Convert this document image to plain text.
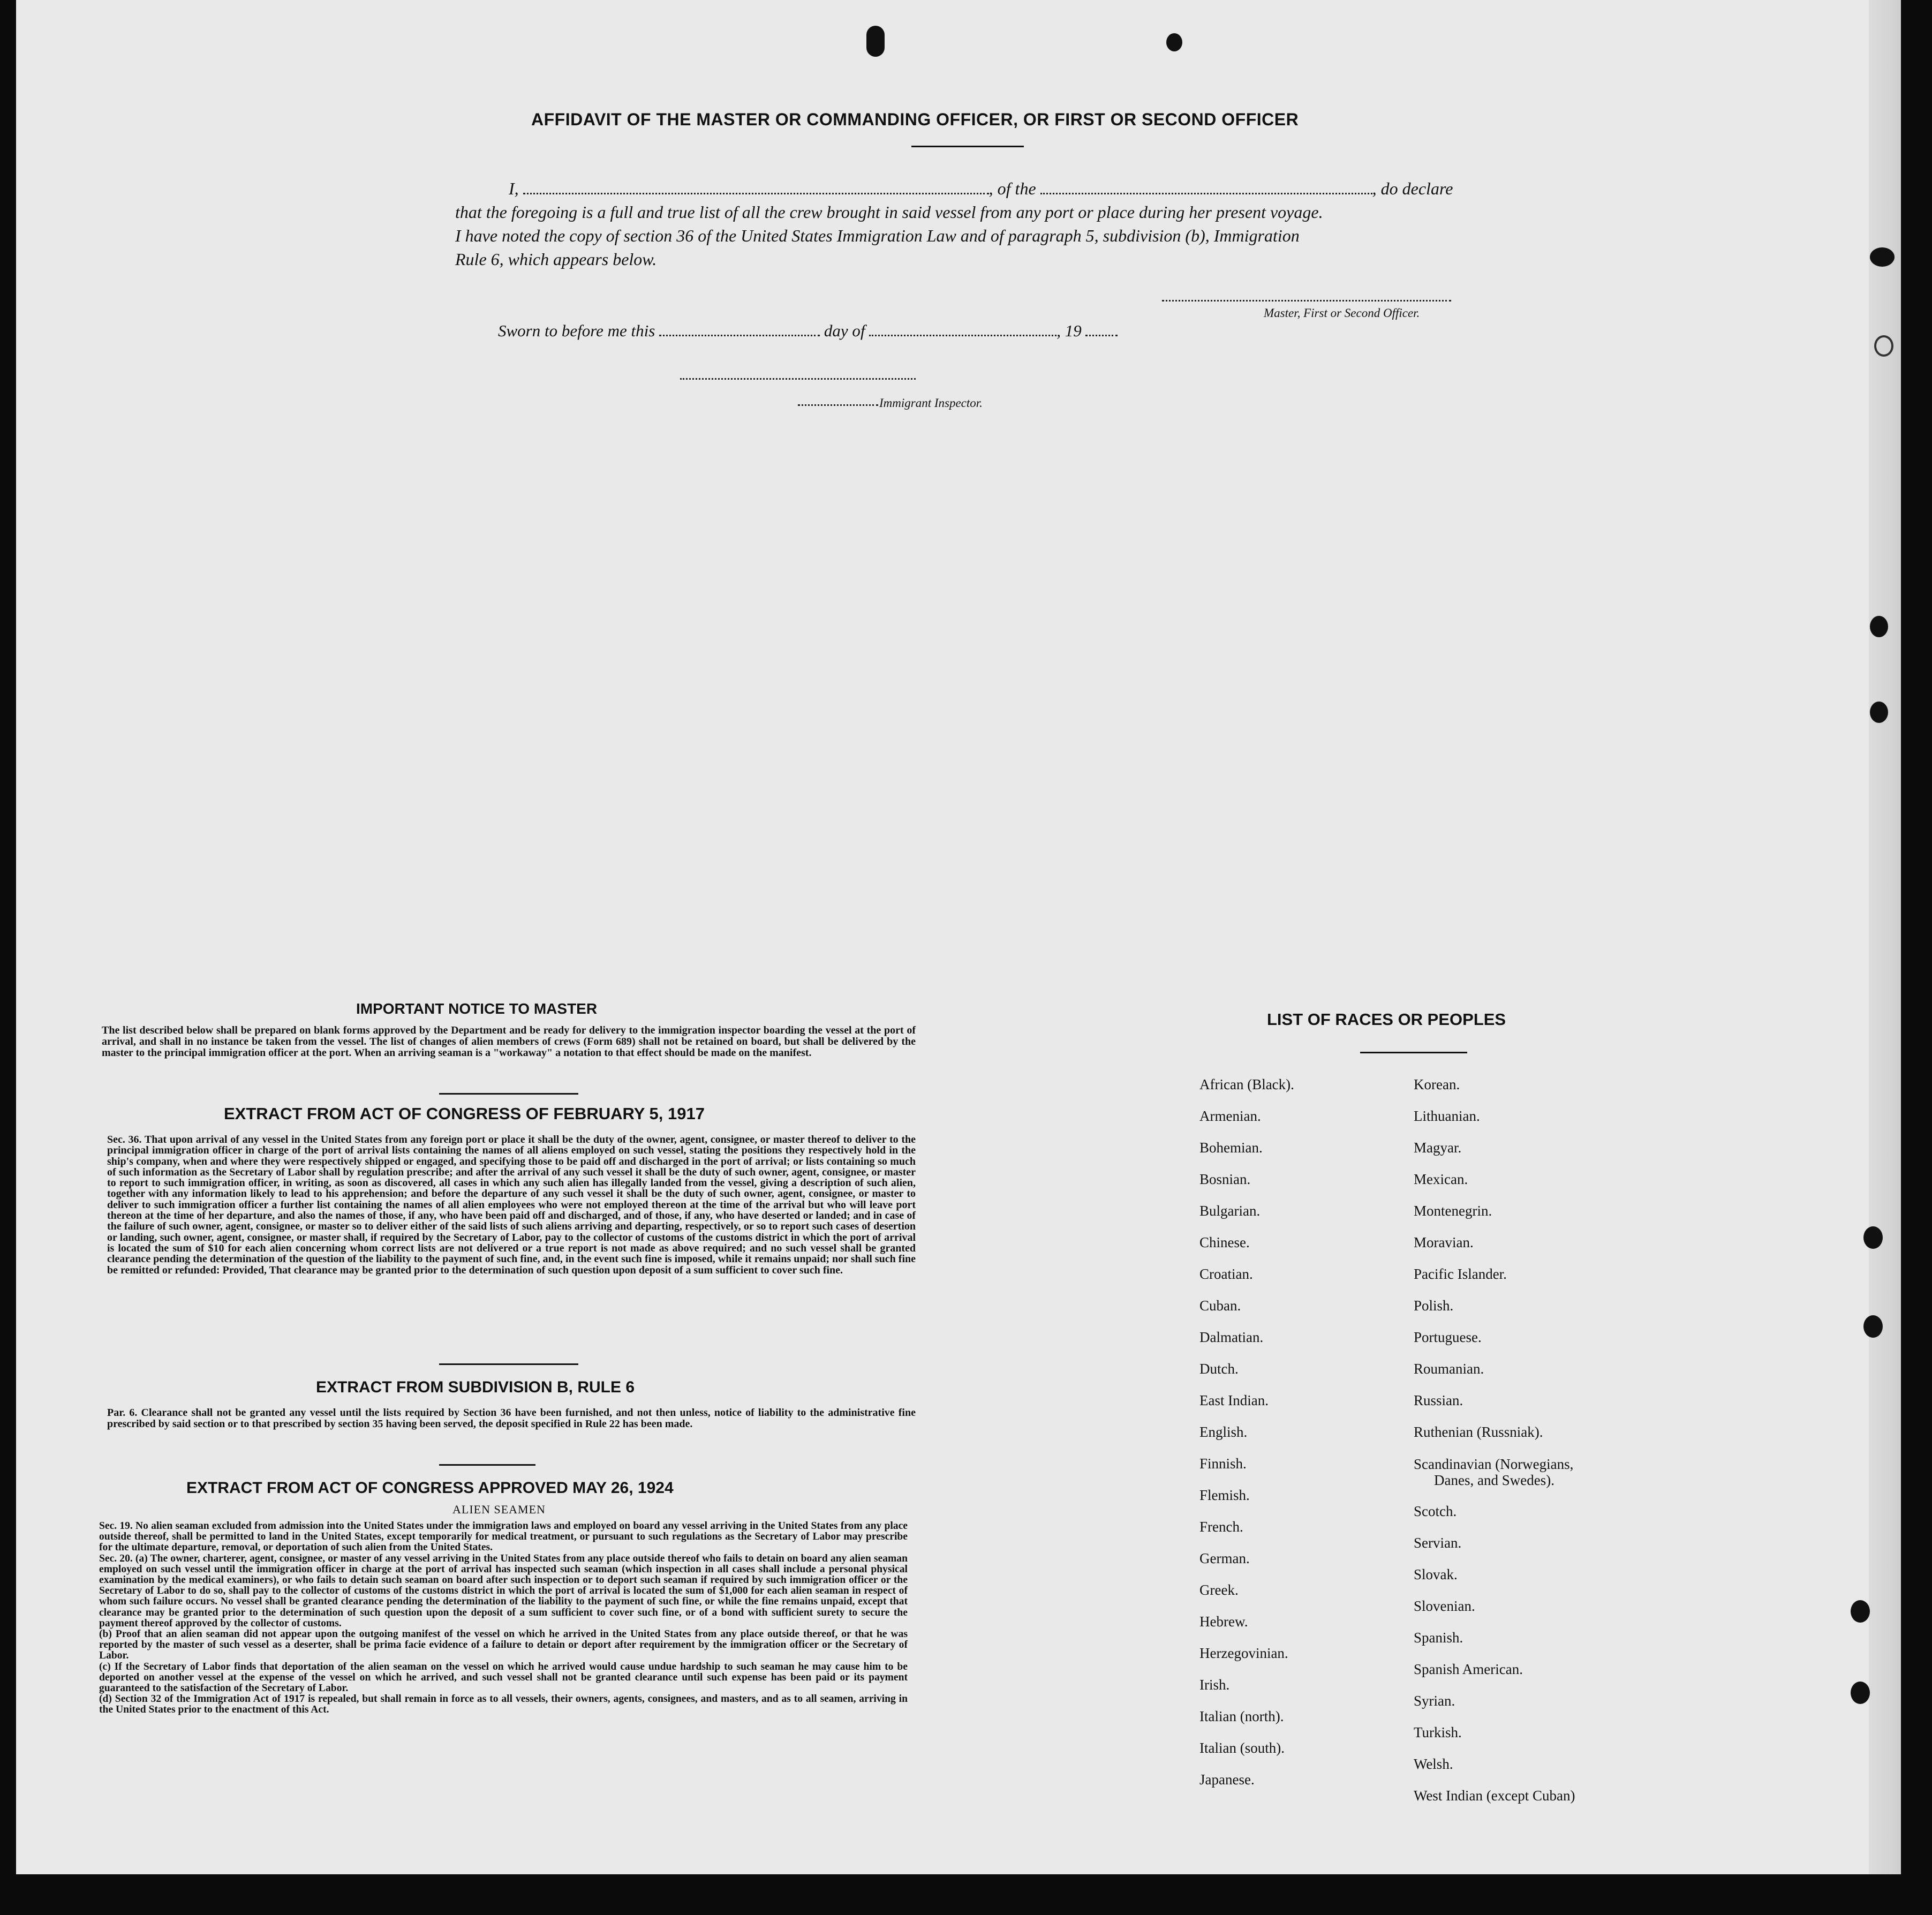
AFFIDAVIT OF THE MASTER OR COMMANDING OFFICER, OR FIRST OR SECOND OFFICER
I,	, of the	, do declare
that the foregoing is a full and true list of all the crew brought in said vessel from any port or place during her present voyage.
I have noted the copy of section 36 of the United States Immigration Law and of paragraph 5, subdivision (b), Immigration
Rule 6, which appears below.
Master, First or Second Officer.
Sworn to before me this	day of	, 19
Immigrant Inspector.
IMPORTANT NOTICE TO MASTER
The list described below shall be prepared on blank forms approved by the Department and be ready for delivery to the immigration inspector boarding the vessel at the port of arrival, and shall in no instance be taken from the vessel. The list of changes of alien members of crews (Form 689) shall not be retained on board, but shall be delivered by the master to the principal immigration officer at the port. When an arriving seaman is a "workaway" a notation to that effect should be made on the manifest.
EXTRACT FROM ACT OF CONGRESS OF FEBRUARY 5, 1917
Sec. 36. That upon arrival of any vessel in the United States from any foreign port or place it shall be the duty of the owner, agent, consignee, or master thereof to deliver to the principal immigration officer in charge of the port of arrival lists containing the names of all aliens employed on such vessel, stating the positions they respectively hold in the ship's company, when and where they were respectively shipped or engaged, and specifying those to be paid off and discharged in the port of arrival; or lists containing so much of such information as the Secretary of Labor shall by regulation prescribe; and after the arrival of any such vessel it shall be the duty of such owner, agent, consignee, or master to report to such immigration officer, in writing, as soon as discovered, all cases in which any such alien has illegally landed from the vessel, giving a description of such alien, together with any information likely to lead to his apprehension; and before the departure of any such vessel it shall be the duty of such owner, agent, consignee, or master to deliver to such immigration officer a further list containing the names of all alien employees who were not employed thereon at the time of the arrival but who will leave port thereon at the time of her departure, and also the names of those, if any, who have been paid off and discharged, and of those, if any, who have deserted or landed; and in case of the failure of such owner, agent, consignee, or master so to deliver either of the said lists of such aliens arriving and departing, respectively, or so to report such cases of desertion or landing, such owner, agent, consignee, or master shall, if required by the Secretary of Labor, pay to the collector of customs of the customs district in which the port of arrival is located the sum of $10 for each alien concerning whom correct lists are not delivered or a true report is not made as above required; and no such vessel shall be granted clearance pending the determination of the question of the liability to the payment of such fine, and, in the event such fine is imposed, while it remains unpaid; nor shall such fine be remitted or refunded: Provided, That clearance may be granted prior to the determination of such question upon deposit of a sum sufficient to cover such fine.
EXTRACT FROM SUBDIVISION B, RULE 6
Par. 6. Clearance shall not be granted any vessel until the lists required by Section 36 have been furnished, and not then unless, notice of liability to the administrative fine prescribed by said section or to that prescribed by section 35 having been served, the deposit specified in Rule 22 has been made.
EXTRACT FROM ACT OF CONGRESS APPROVED MAY 26, 1924
ALIEN SEAMEN
Sec. 19. No alien seaman excluded from admission into the United States under the immigration laws and employed on board any vessel arriving in the United States from any place outside thereof, shall be permitted to land in the United States, except temporarily for medical treatment, or pursuant to such regulations as the Secretary of Labor may prescribe for the ultimate departure, removal, or deportation of such alien from the United States.
Sec. 20. (a) The owner, charterer, agent, consignee, or master of any vessel arriving in the United States from any place outside thereof who fails to detain on board any alien seaman employed on such vessel until the immigration officer in charge at the port of arrival has inspected such seaman (which inspection in all cases shall include a personal physical examination by the medical examiners), or who fails to detain such seaman on board after such inspection or to deport such seaman if required by such immigration officer or the Secretary of Labor to do so, shall pay to the collector of customs of the customs district in which the port of arrival is located the sum of $1,000 for each alien seaman in respect of whom such failure occurs. No vessel shall be granted clearance pending the determination of the liability to the payment of such fine, or while the fine remains unpaid, except that clearance may be granted prior to the determination of such question upon the deposit of a sum sufficient to cover such fine, or of a bond with sufficient surety to secure the payment thereof approved by the collector of customs.
(b) Proof that an alien seaman did not appear upon the outgoing manifest of the vessel on which he arrived in the United States from any place outside thereof, or that he was reported by the master of such vessel as a deserter, shall be prima facie evidence of a failure to detain or deport after requirement by the immigration officer or the Secretary of Labor.
(c) If the Secretary of Labor finds that deportation of the alien seaman on the vessel on which he arrived would cause undue hardship to such seaman he may cause him to be deported on another vessel at the expense of the vessel on which he arrived, and such vessel shall not be granted clearance until such expense has been paid or its payment guaranteed to the satisfaction of the Secretary of Labor.
(d) Section 32 of the Immigration Act of 1917 is repealed, but shall remain in force as to all vessels, their owners, agents, consignees, and masters, and as to all seamen, arriving in the United States prior to the enactment of this Act.
LIST OF RACES OR PEOPLES
African (Black).
Armenian.
Bohemian.
Bosnian.
Bulgarian.
Chinese.
Croatian.
Cuban.
Dalmatian.
Dutch.
East Indian.
English.
Finnish.
Flemish.
French.
German.
Greek.
Hebrew.
Herzegovinian.
Irish.
Italian (north).
Italian (south).
Japanese.
Korean.
Lithuanian.
Magyar.
Mexican.
Montenegrin.
Moravian.
Pacific Islander.
Polish.
Portuguese.
Roumanian.
Russian.
Ruthenian (Russniak).
Scandinavian (Norwegians,
Danes, and Swedes).
Scotch.
Servian.
Slovak.
Slovenian.
Spanish.
Spanish American.
Syrian.
Turkish.
Welsh.
West Indian (except Cuban)
